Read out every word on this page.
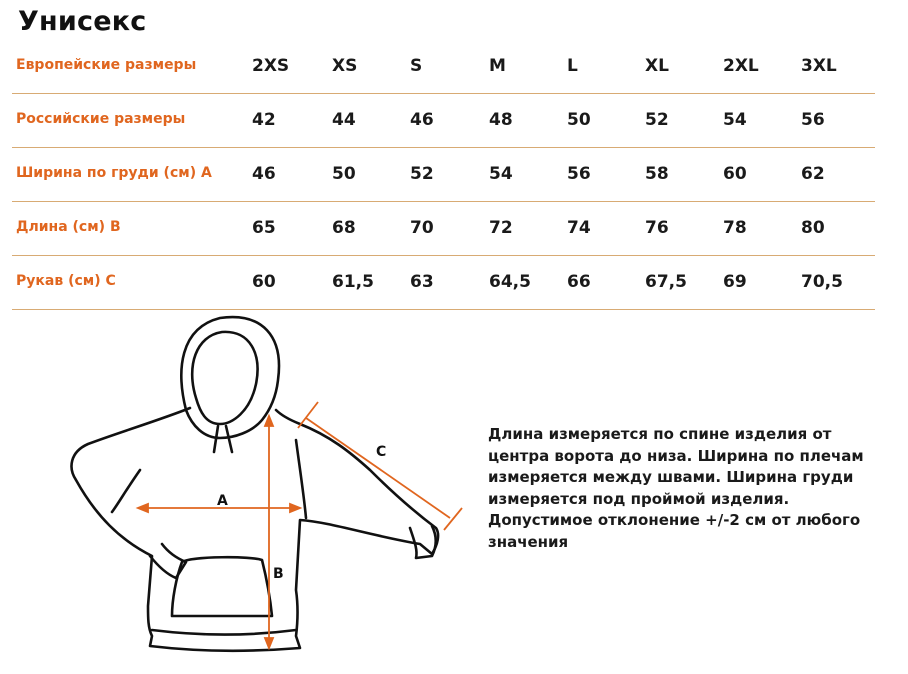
Унисекс
Европейские размеры	2XS	XS	S	M	L	XL	2XL 3XL
Российские размеры	42	44	46	48	50	52	54	56
Ширина по груди (см) А 46	50	52	54	56	58	60	62
Длина (см) В	65	68	70	72	74	76	78	80
Рукав (см) С	60	61,5 63	64,5 66	67,5 69	70,5
A
B
C

Длина измеряется по спине изделия от центра ворота до низа. Ширина по плечам измеряется между швами. Ширина груди измеряется под проймой изделия. Допустимое отклонение +/-2 см от любого значения
